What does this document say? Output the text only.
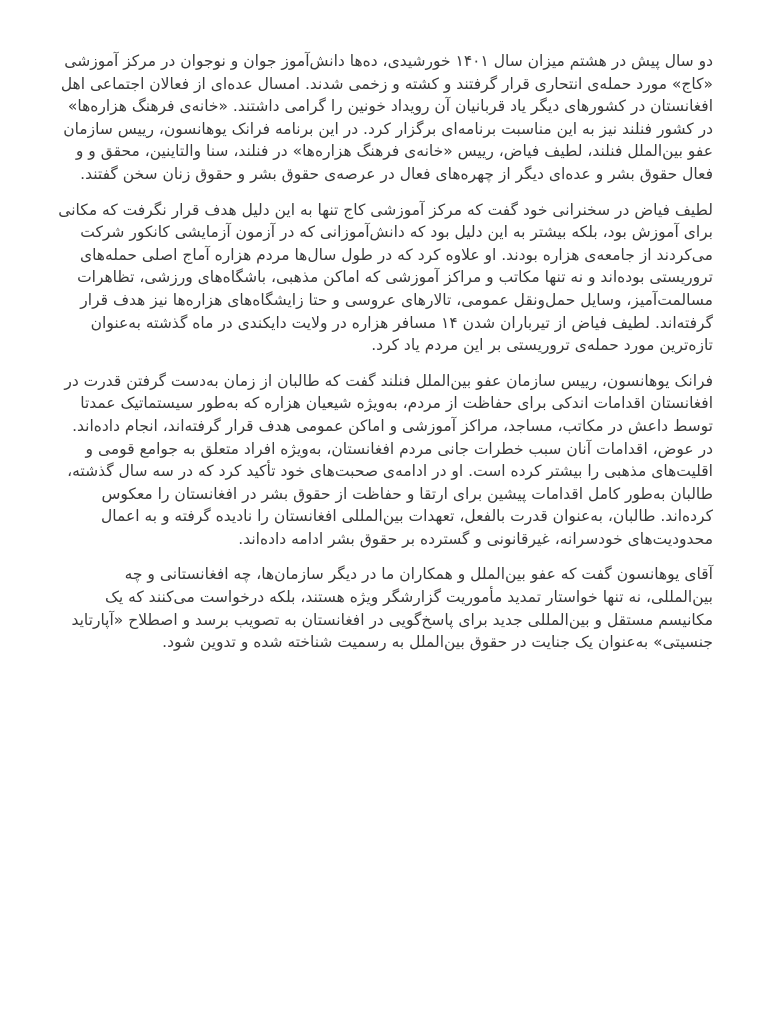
دو سال پیش در هشتم میزان سال ۱۴۰۱ خورشیدی، ده‌ها دانش‌آموز جوان و نوجوان در مرکز آموزشی «کاج» مورد حمله‌ی انتحاری قرار گرفتند و کشته و زخمی شدند. امسال عده‌ای از فعالان اجتماعی اهل افغانستان در کشورهای دیگر یاد قربانیان آن رویداد خونین را گرامی داشتند. «خانه‌ی فرهنگ هزاره‌ها» در کشور فنلند نیز به این مناسبت برنامه‌ای برگزار کرد. در این برنامه فرانک یوهانسون، رییس سازمان عفو بین‌الملل فنلند، لطیف فیاض، رییس «خانه‌ی فرهنگ هزاره‌ها» در فنلند، سنا والتاینین، محقق و و فعال حقوق بشر و عده‌ای دیگر از چهره‌های فعال در عرصه‌ی حقوق بشر و حقوق زنان سخن گفتند.

لطیف فیاض در سخنرانی خود گفت که مرکز آموزشی کاج تنها به این دلیل هدف قرار نگرفت که مکانی برای آموزش بود، بلکه بیشتر به این دلیل بود که دانش‌آموزانی که در آزمون آزمایشی کانکور شرکت می‌کردند از جامعه‌ی هزاره بودند. او علاوه کرد که در طول سال‌ها مردم هزاره آماج اصلی حمله‌های تروریستی بوده‌اند و نه تنها مکاتب و مراکز آموزشی که اماکن مذهبی، باشگاه‌های ورزشی، تظاهرات مسالمت‌آمیز، وسایل حمل‌ونقل عمومی، تالارهای عروسی و حتا زایشگاه‌های هزاره‌ها نیز هدف قرار گرفته‌اند. لطیف فیاض از تیرباران شدن ۱۴ مسافر هزاره در ولایت دایکندی در ماه گذشته به‌عنوان تازه‌ترین مورد حمله‌ی تروریستی بر این مردم یاد کرد.

فرانک یوهانسون، رییس سازمان عفو بین‌الملل فنلند گفت که طالبان از زمان به‌دست گرفتن قدرت در افغانستان اقدامات اندکی برای حفاظت از مردم، به‌ویژه شیعیان هزاره که به‌طور سیستماتیک عمدتا توسط داعش در مکاتب، مساجد، مراکز آموزشی و اماکن عمومی هدف قرار گرفته‌اند، انجام داده‌اند. در عوض، اقدامات آنان سبب خطرات جانی مردم افغانستان، به‌ویژه افراد متعلق به جوامع قومی و اقلیت‌های مذهبی را بیشتر کرده است. او در ادامه‌ی صحبت‌های خود تأکید کرد که در سه سال گذشته، طالبان به‌طور کامل اقدامات پیشین برای ارتقا و حفاظت از حقوق بشر در افغانستان را معکوس کرده‌اند. طالبان، به‌عنوان قدرت بالفعل، تعهدات بین‌المللی افغانستان را نادیده گرفته و به اعمال محدودیت‌های خودسرانه، غیرقانونی و گسترده بر حقوق بشر ادامه داده‌اند.

آقای یوهانسون گفت که عفو بین‌الملل و همکاران ما در دیگر سازمان‌ها، چه افغانستانی و چه بین‌المللی، نه تنها خواستار تمدید مأموریت گزارشگر ویژه هستند، بلکه درخواست می‌کنند که یک مکانیسم مستقل و بین‌المللی جدید برای پاسخ‌گویی در افغانستان به تصویب برسد و اصطلاح «آپارتاید جنسیتی» به‌عنوان یک جنایت در حقوق بین‌الملل به رسمیت شناخته شده و تدوین شود.
